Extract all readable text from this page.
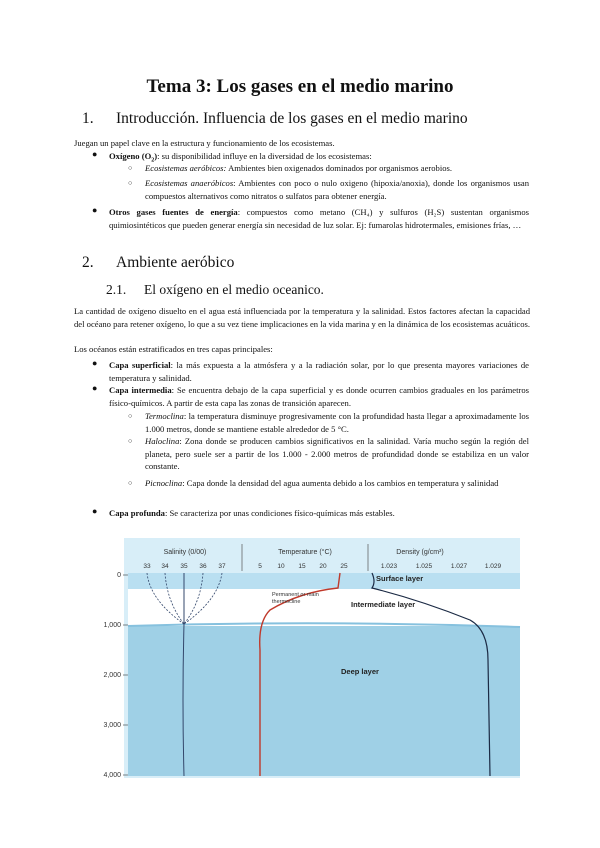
Tema 3: Los gases en el medio marino
1. Introducción. Influencia de los gases en el medio marino
Juegan un papel clave en la estructura y funcionamiento de los ecosistemas.
● Oxígeno $(O_2)$: su disponibilidad influye en la diversidad de los ecosistemas:
○ Ecosistemas aeróbicos: Ambientes bien oxigenados dominados por organismos aerobios.
○ Ecosistemas anaeróbicos: Ambientes con poco o nulo oxigeno (hipoxia/anoxia), donde los organismos usan compuestos alternativos como nitratos o sulfatos para obtener energía.
● Otros gases fuentes de energía: compuestos como metano (CH₄) y sulfuros (H₂S) sustentan organismos quimiosintéticos que pueden generar energía sin necesidad de luz solar. Ej: fumarolas hidrotermales, emisiones frías, …
2. Ambiente aeróbico
2.1. El oxígeno en el medio oceanico.
La cantidad de oxígeno disuelto en el agua está influenciada por la temperatura y la salinidad. Estos factores afectan la capacidad del océano para retener oxígeno, lo que a su vez tiene implicaciones en la vida marina y en la dinámica de los ecosistemas acuáticos.
Los océanos están estratificados en tres capas principales:
● Capa superficial: la más expuesta a la atmósfera y a la radiación solar, por lo que presenta mayores variaciones de temperatura y salinidad.
● Capa intermedia: Se encuentra debajo de la capa superficial y es donde ocurren cambios graduales en los parámetros físico-químicos. A partir de esta capa las zonas de transición aparecen.
○ Termoclina: la temperatura disminuye progresivamente con la profundidad hasta llegar a aproximadamente los 1.000 metros, donde se mantiene estable alrededor de 5 °C.
○ Haloclina: Zona donde se producen cambios significativos en la salinidad. Varía mucho según la región del planeta, pero suele ser a partir de los 1.000 - 2.000 metros de profundidad donde se estabiliza en un valor constante.
○ Picnoclina: Capa donde la densidad del agua aumenta debido a los cambios en temperatura y salinidad
● Capa profunda: Se caracteriza por unas condiciones físico-químicas más estables.
Salinity (0/00)	Temperature (°C)	Density (g/cm³)
33 34 35 36 37	5 10 15 20 25	1.023	1.025	1.027	1.029
0
1,000
2,000
3,000
4,000
Permanent or main
thermocline
Surface layer
Intermediate layer
Deep layer
